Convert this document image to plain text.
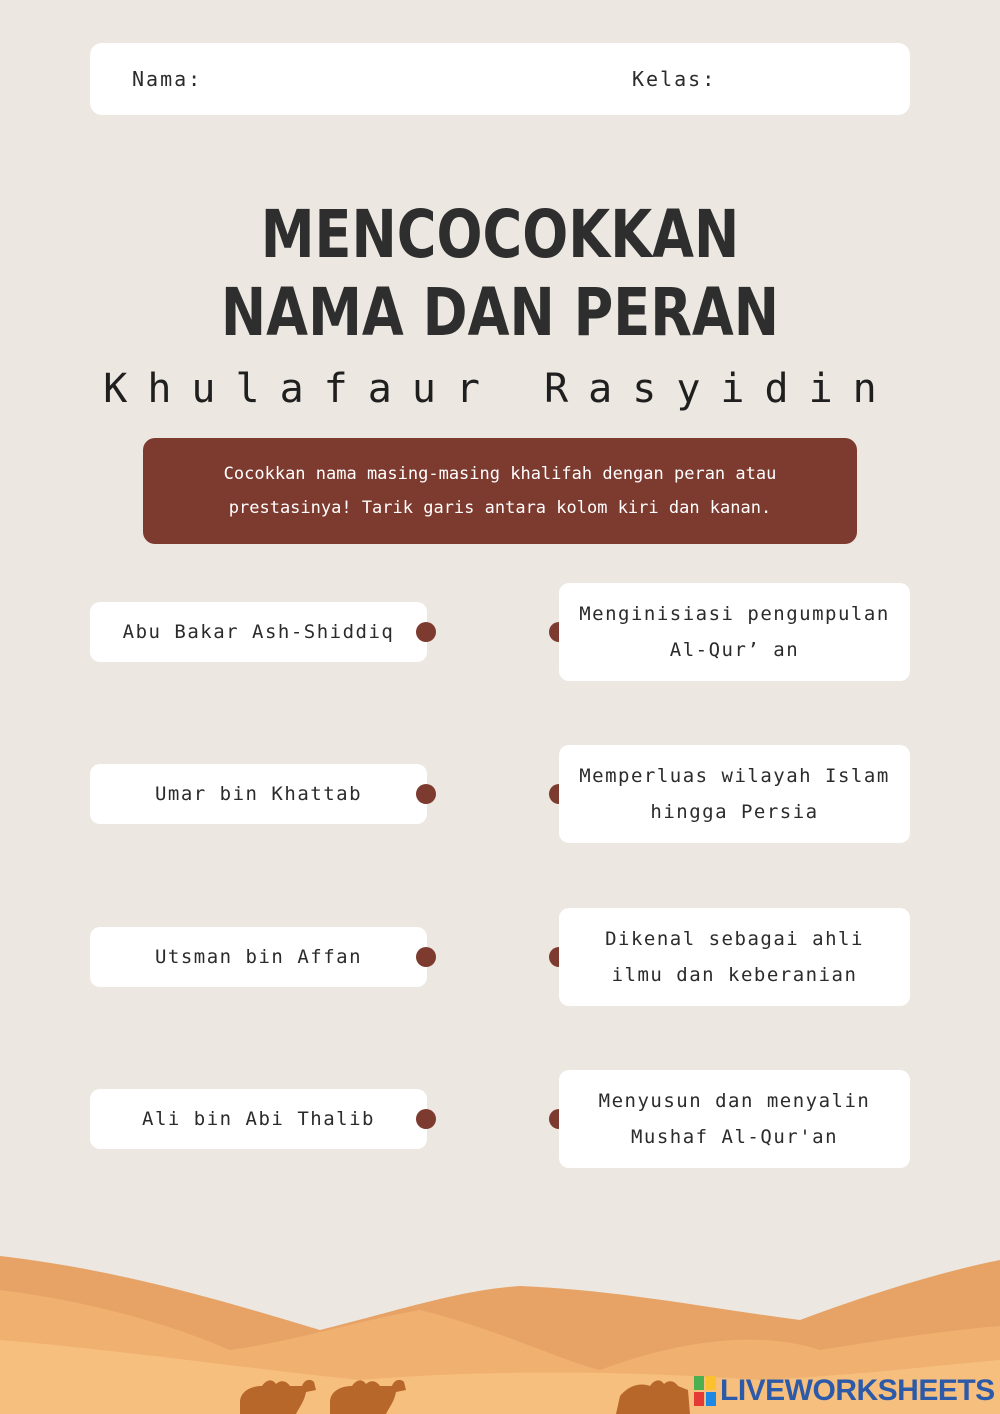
Nama:	Kelas:
MENCOCOKKAN
NAMA DAN PERAN
Khulafaur Rasyidin
Cocokkan nama masing-masing khalifah dengan peran atau prestasinya! Tarik garis antara kolom kiri dan kanan.
Abu Bakar Ash-Shiddiq
Umar bin Khattab
Utsman bin Affan
Ali bin Abi Thalib
Menginisiasi pengumpulan Al-Qur’ an
Memperluas wilayah Islam hingga Persia
Dikenal sebagai ahli ilmu dan keberanian
Menyusun dan menyalin Mushaf Al-Qur'an
LIVEWORKSHEETS
